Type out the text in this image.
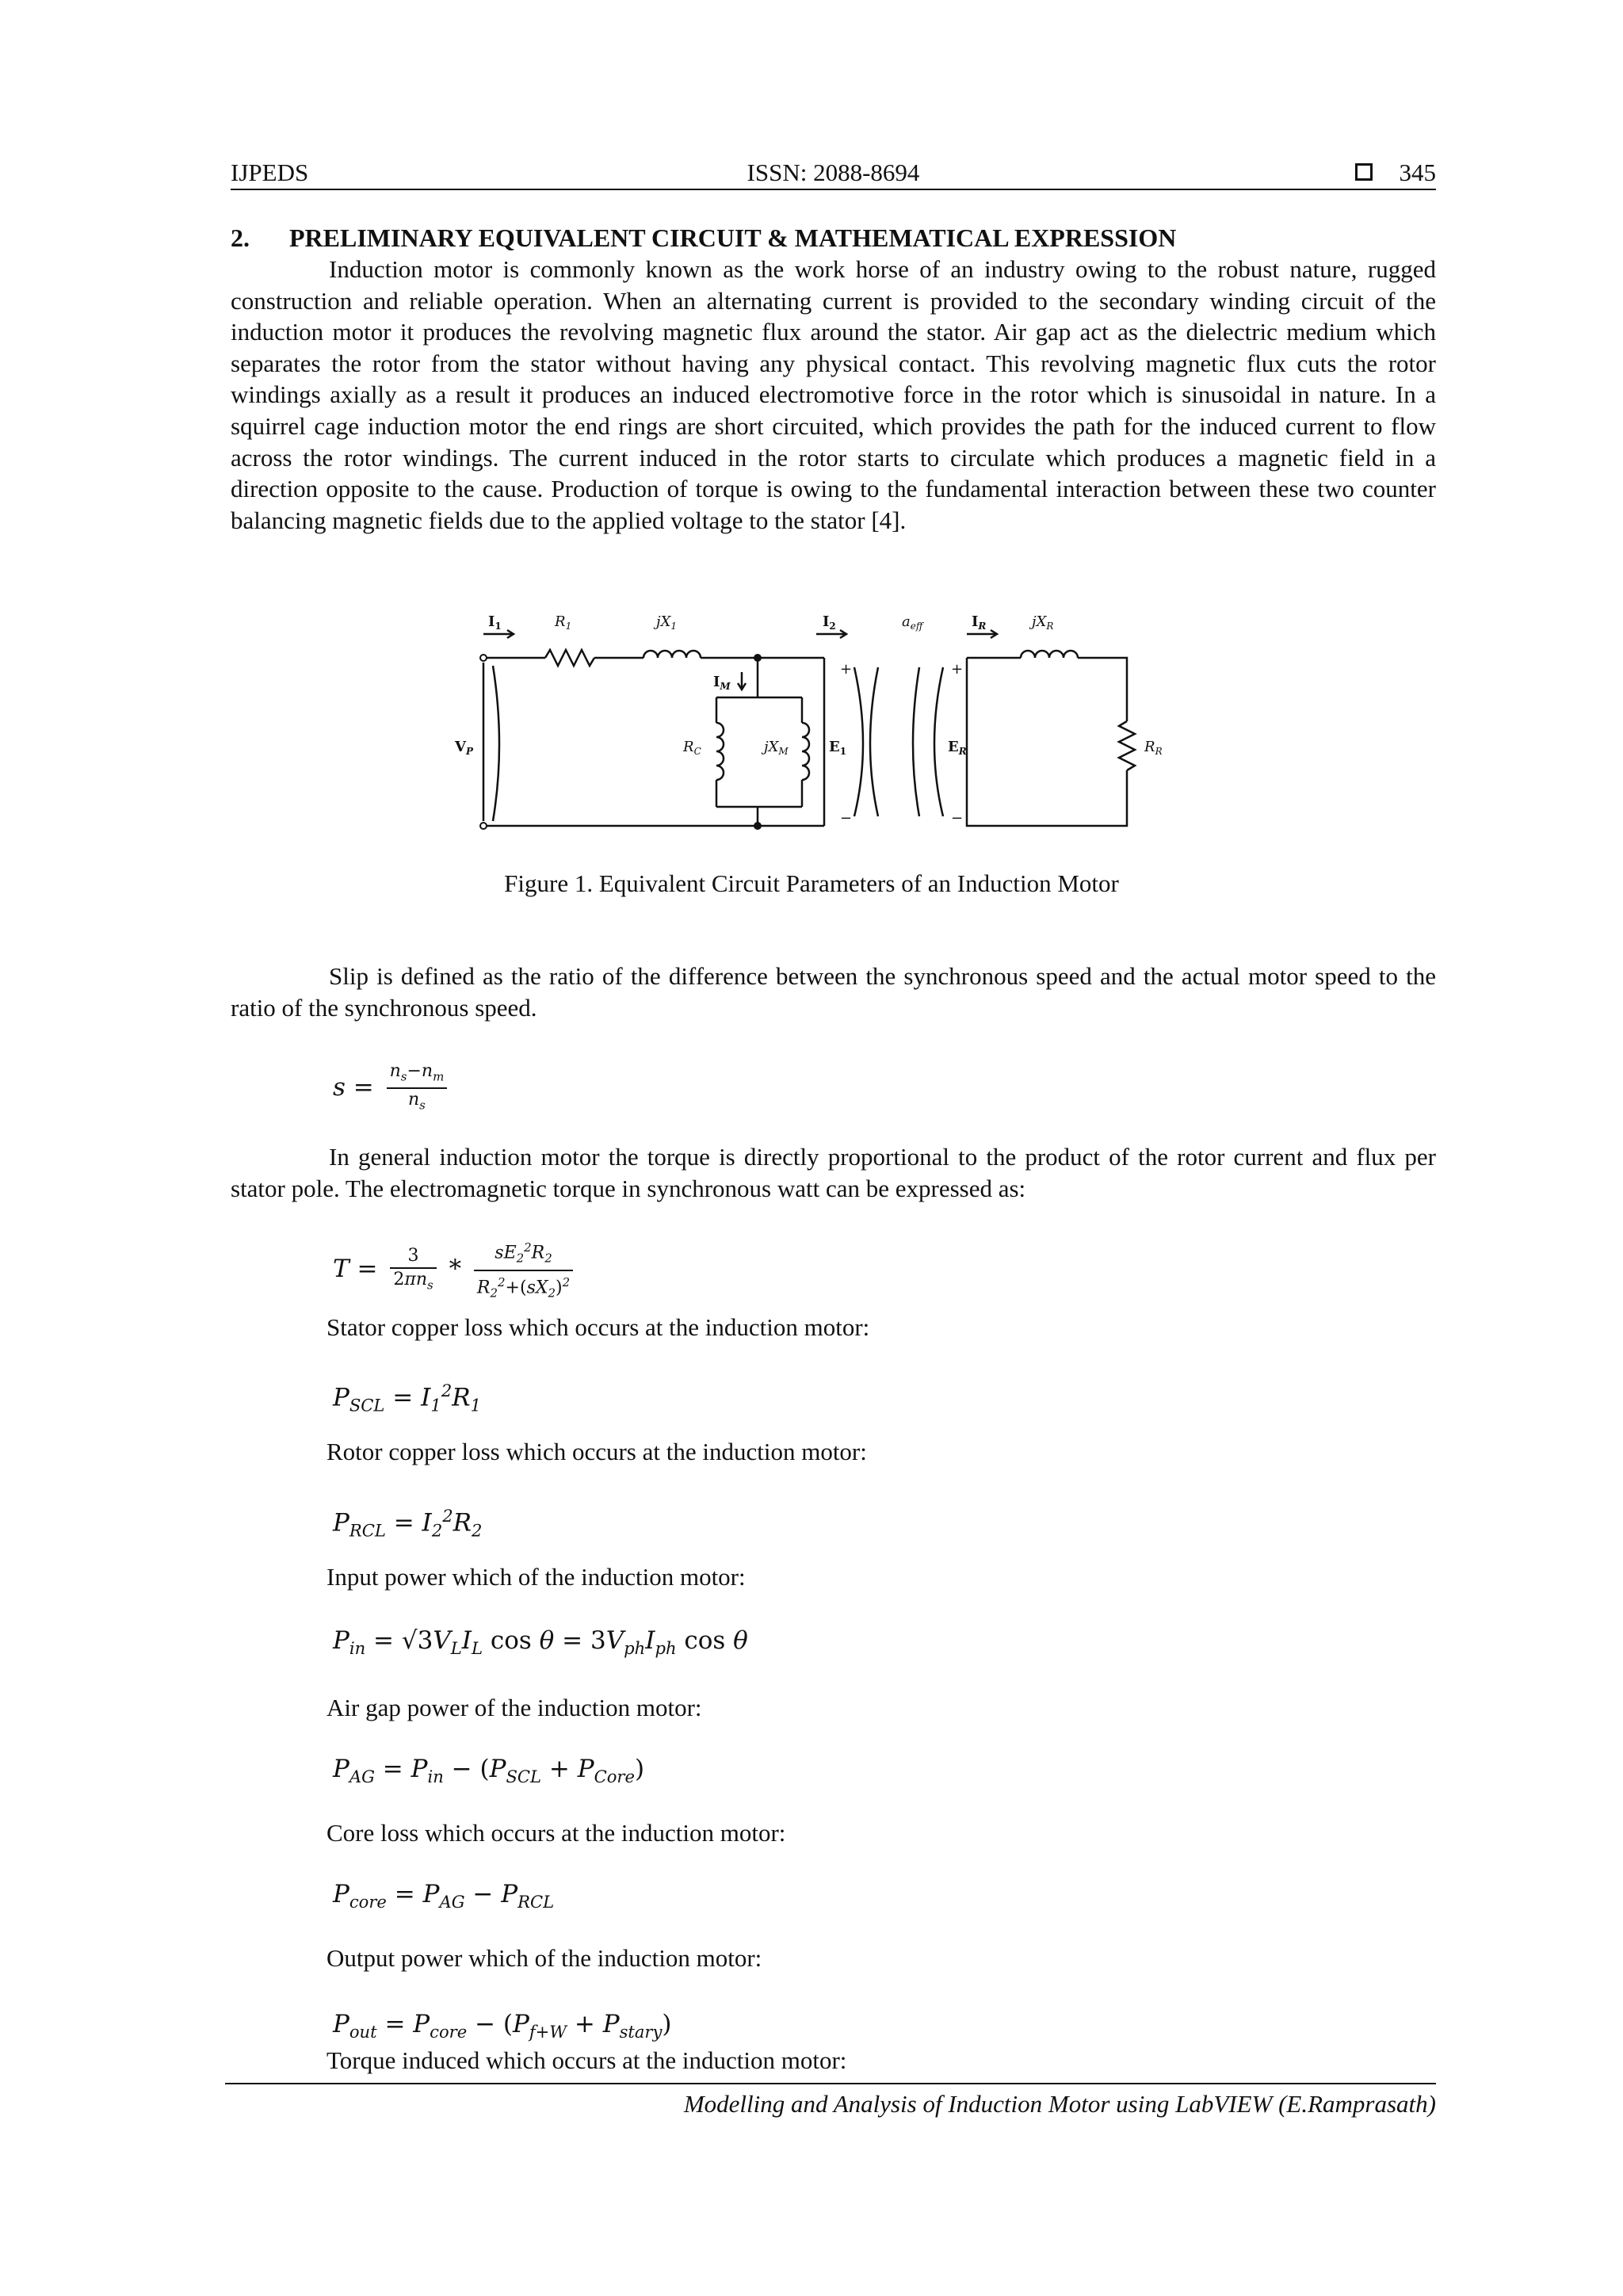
IJPEDS	ISSN: 2088-8694	345
2. PRELIMINARY EQUIVALENT CIRCUIT & MATHEMATICAL EXPRESSION
Induction motor is commonly known as the work horse of an industry owing to the robust nature, rugged construction and reliable operation. When an alternating current is provided to the secondary winding circuit of the induction motor it produces the revolving magnetic flux around the stator. Air gap act as the dielectric medium which separates the rotor from the stator without having any physical contact. This revolving magnetic flux cuts the rotor windings axially as a result it produces an induced electromotive force in the rotor which is sinusoidal in nature. In a squirrel cage induction motor the end rings are short circuited, which provides the path for the induced current to flow across the rotor windings. The current induced in the rotor starts to circulate which produces a magnetic field in a direction opposite to the cause. Production of torque is owing to the fundamental interaction between these two counter balancing magnetic fields due to the applied voltage to the stator [4].
$I_1$	$R_1$	$jX_1$	$I_2$	$a_{eff}$	$I_R$	$jX_R$
$I_M$
$V_P$	$R_C$	$jX_M$	$E_1$	$E_R$	$R_R$
+
−
+
−
Figure 1. Equivalent Circuit Parameters of an Induction Motor
Slip is defined as the ratio of the difference between the synchronous speed and the actual motor speed to the ratio of the synchronous speed.
$s = \frac{n_s-n_m}{n_s}$
In general induction motor the torque is directly proportional to the product of the rotor current and flux per stator pole. The electromagnetic torque in synchronous watt can be expressed as:
$T = \frac{3}{2\pi n_s} * \frac{sE_2^2R_2}{R_2^2+(sX_2)^2}$
Stator copper loss which occurs at the induction motor:
$P_{SCL} = I_1^2R_1$
Rotor copper loss which occurs at the induction motor:
$P_{RCL} = I_2^2R_2$
Input power which of the induction motor:
$P_{in} = √3V_LI_L$ $\cos \theta = 3V_{ph}I_{ph}$ cos θ
Air gap power of the induction motor:
$P_{AG} = P_{in} - (P_{SCL} + P_{Core})$
Core loss which occurs at the induction motor:
$P_{core} = P_{AG} - P_{RCL}$
Output power which of the induction motor:
$P_{out} = P_{core} - (P_{f+W} + P_{stary})$
Torque induced which occurs at the induction motor:
Modelling and Analysis of Induction Motor using LabVIEW (E.Ramprasath)
